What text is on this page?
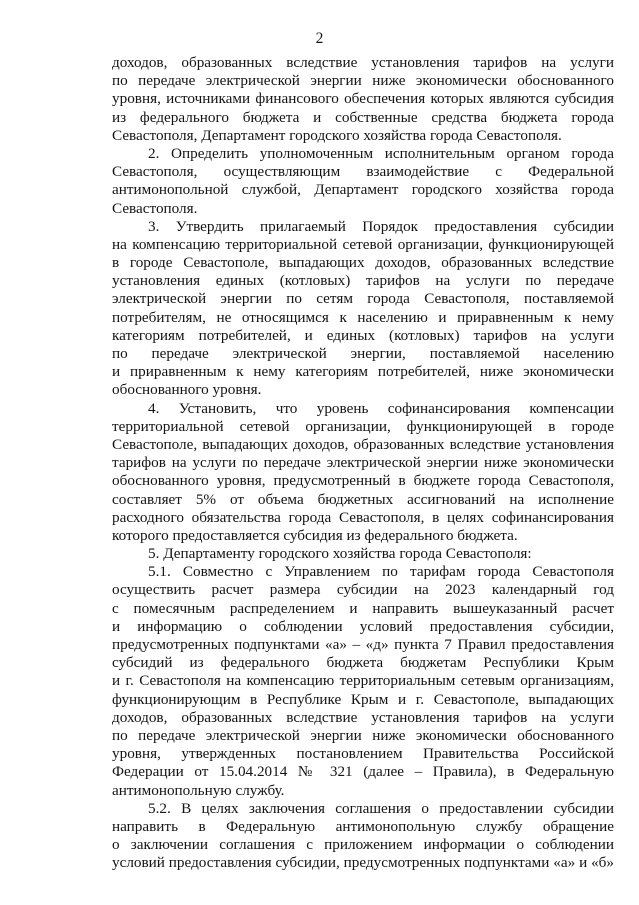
2
доходов, образованных вследствие установления тарифов на услуги
по передаче электрической энергии ниже экономически обоснованного
уровня, источниками финансового обеспечения которых являются субсидия
из федерального бюджета и собственные средства бюджета города
Севастополя, Департамент городского хозяйства города Севастополя.
2. Определить уполномоченным исполнительным органом города
Севастополя, осуществляющим взаимодействие с Федеральной
антимонопольной службой, Департамент городского хозяйства города
Севастополя.
3. Утвердить прилагаемый Порядок предоставления субсидии
на компенсацию территориальной сетевой организации, функционирующей
в городе Севастополе, выпадающих доходов, образованных вследствие
установления единых (котловых) тарифов на услуги по передаче
электрической энергии по сетям города Севастополя, поставляемой
потребителям, не относящимся к населению и приравненным к нему
категориям потребителей, и единых (котловых) тарифов на услуги
по передаче электрической энергии, поставляемой населению
и приравненным к нему категориям потребителей, ниже экономически
обоснованного уровня.
4. Установить, что уровень софинансирования компенсации
территориальной сетевой организации, функционирующей в городе
Севастополе, выпадающих доходов, образованных вследствие установления
тарифов на услуги по передаче электрической энергии ниже экономически
обоснованного уровня, предусмотренный в бюджете города Севастополя,
составляет 5% от объема бюджетных ассигнований на исполнение
расходного обязательства города Севастополя, в целях софинансирования
которого предоставляется субсидия из федерального бюджета.
5. Департаменту городского хозяйства города Севастополя:
5.1. Совместно с Управлением по тарифам города Севастополя
осуществить расчет размера субсидии на 2023 календарный год
с помесячным распределением и направить вышеуказанный расчет
и информацию о соблюдении условий предоставления субсидии,
предусмотренных подпунктами «а» – «д» пункта 7 Правил предоставления
субсидий из федерального бюджета бюджетам Республики Крым
и г. Севастополя на компенсацию территориальным сетевым организациям,
функционирующим в Республике Крым и г. Севастополе, выпадающих
доходов, образованных вследствие установления тарифов на услуги
по передаче электрической энергии ниже экономически обоснованного
уровня, утвержденных постановлением Правительства Российской
Федерации от 15.04.2014 № 321 (далее – Правила), в Федеральную
антимонопольную службу.
5.2. В целях заключения соглашения о предоставлении субсидии
направить в Федеральную антимонопольную службу обращение
о заключении соглашения с приложением информации о соблюдении
условий предоставления субсидии, предусмотренных подпунктами «а» и «б»
